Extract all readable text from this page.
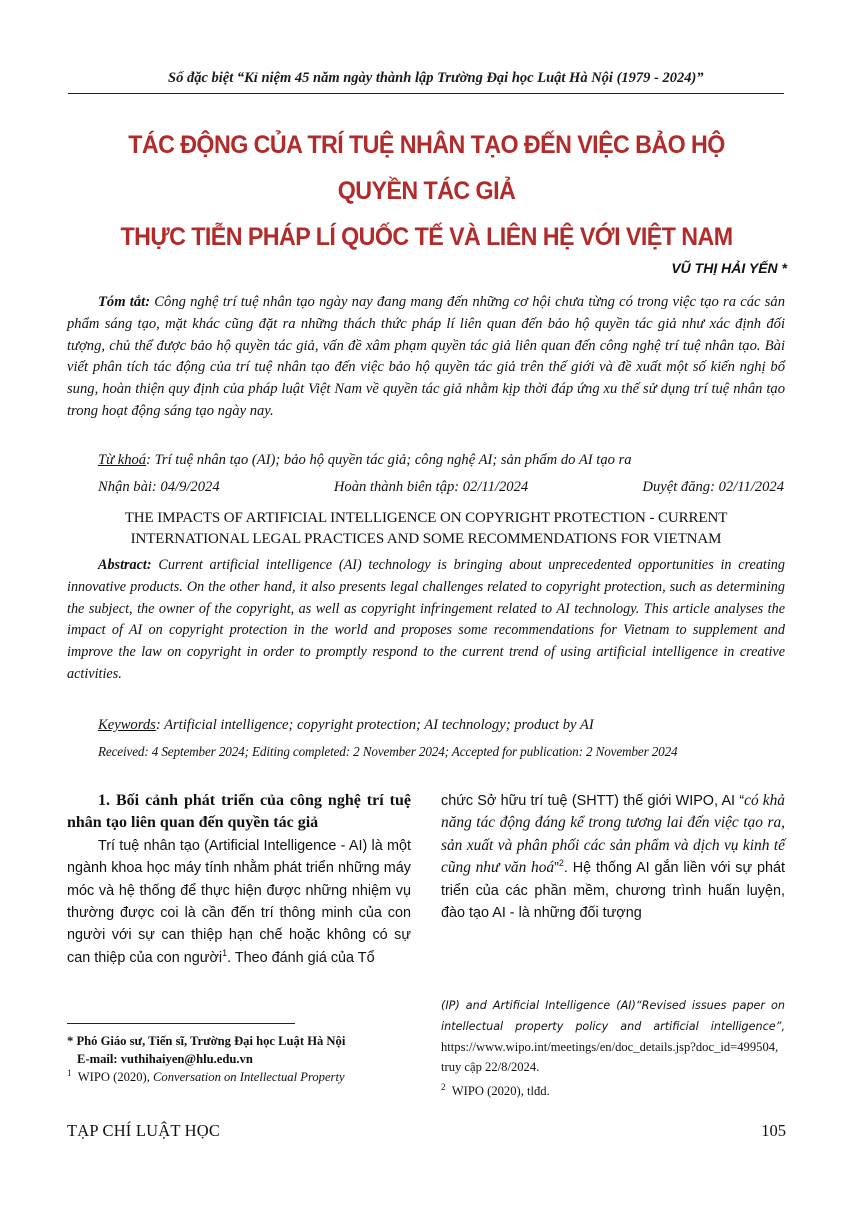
Số đặc biệt “Kỉ niệm 45 năm ngày thành lập Trường Đại học Luật Hà Nội (1979 - 2024)”
TÁC ĐỘNG CỦA TRÍ TUỆ NHÂN TẠO ĐẾN VIỆC BẢO HỘ QUYỀN TÁC GIẢ
THỰC TIỄN PHÁP LÍ QUỐC TẾ VÀ LIÊN HỆ VỚI VIỆT NAM
VŨ THỊ HẢI YẾN *
Tóm tắt: Công nghệ trí tuệ nhân tạo ngày nay đang mang đến những cơ hội chưa từng có trong việc tạo ra các sản phẩm sáng tạo, mặt khác cũng đặt ra những thách thức pháp lí liên quan đến bảo hộ quyền tác giả như xác định đối tượng, chủ thể được bảo hộ quyền tác giả, vấn đề xâm phạm quyền tác giả liên quan đến công nghệ trí tuệ nhân tạo. Bài viết phân tích tác động của trí tuệ nhân tạo đến việc bảo hộ quyền tác giả trên thế giới và đề xuất một số kiến nghị bổ sung, hoàn thiện quy định của pháp luật Việt Nam về quyền tác giả nhằm kịp thời đáp ứng xu thế sử dụng trí tuệ nhân tạo trong hoạt động sáng tạo ngày nay.
Từ khoá: Trí tuệ nhân tạo (AI); bảo hộ quyền tác giả; công nghệ AI; sản phẩm do AI tạo ra
Nhận bài: 04/9/2024	Hoàn thành biên tập: 02/11/2024	Duyệt đăng: 02/11/2024
THE IMPACTS OF ARTIFICIAL INTELLIGENCE ON COPYRIGHT PROTECTION - CURRENT
INTERNATIONAL LEGAL PRACTICES AND SOME RECOMMENDATIONS FOR VIETNAM
Abstract: Current artificial intelligence (AI) technology is bringing about unprecedented opportunities in creating innovative products. On the other hand, it also presents legal challenges related to copyright protection, such as determining the subject, the owner of the copyright, as well as copyright infringement related to AI technology. This article analyses the impact of AI on copyright protection in the world and proposes some recommendations for Vietnam to supplement and improve the law on copyright in order to promptly respond to the current trend of using artificial intelligence in creative activities.
Keywords: Artificial intelligence; copyright protection; AI technology; product by AI
Received: 4 September 2024; Editing completed: 2 November 2024; Accepted for publication: 2 November 2024
1. Bối cảnh phát triển của công nghệ trí tuệ nhân tạo liên quan đến quyền tác giả
Trí tuệ nhân tạo (Artificial Intelligence - AI) là một ngành khoa học máy tính nhằm phát triển những máy móc và hệ thống để thực hiện được những nhiệm vụ thường được coi là cần đến trí thông minh của con người với sự can thiệp hạn chế hoặc không có sự can thiệp của con người$^1$. Theo đánh giá của Tổ
chức Sở hữu trí tuệ (SHTT) thế giới WIPO, AI “có khả năng tác động đáng kể trong tương lai đến việc tạo ra, sản xuất và phân phối các sản phẩm và dịch vụ kinh tế cũng như văn hoá”$^2$. Hệ thống AI gắn liền với sự phát triển của các phần mềm, chương trình huấn luyện, đào tạo AI - là những đối tượng
* Phó Giáo sư, Tiến sĩ, Trường Đại học Luật Hà Nội
E-mail: vuthihaiyen@hlu.edu.vn
$^1$ WIPO (2020), Conversation on Intellectual Property
(IP) and Artificial Intelligence (AI)“Revised issues paper on intellectual property policy and artificial intelligence”, https://www.wipo.int/meetings/en/doc_details.jsp?doc_id=499504, truy cập 22/8/2024.
$^2$ WIPO (2020), tlđd.
TẠP CHÍ LUẬT HỌC	105
